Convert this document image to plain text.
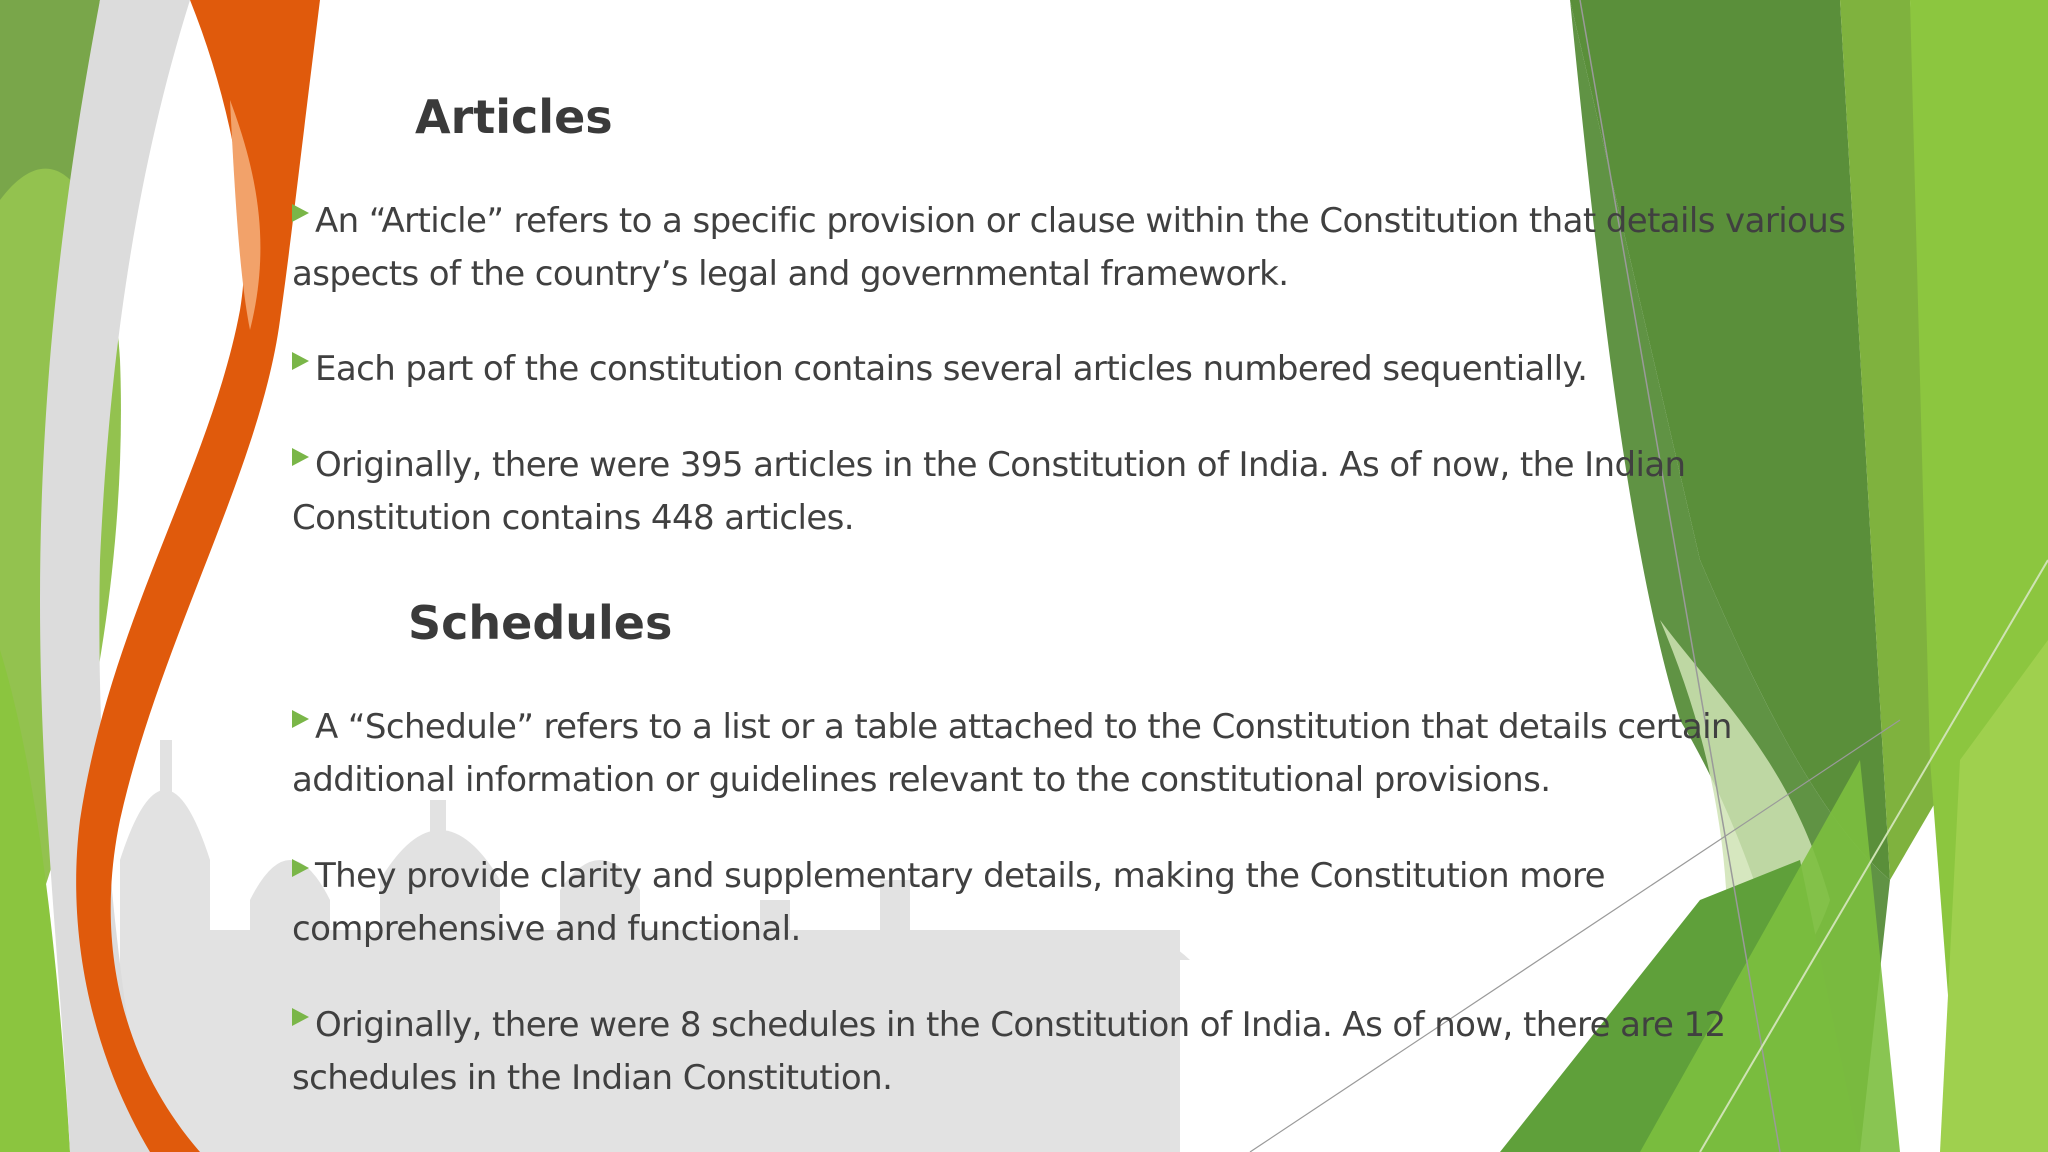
Articles

An “Article” refers to a specific provision or clause within the Constitution that details various aspects of the country’s legal and governmental framework.

Each part of the constitution contains several articles numbered sequentially.

Originally, there were 395 articles in the Constitution of India. As of now, the Indian Constitution contains 448 articles.

Schedules

A “Schedule” refers to a list or a table attached to the Constitution that details certain additional information or guidelines relevant to the constitutional provisions.

They provide clarity and supplementary details, making the Constitution more comprehensive and functional.

Originally, there were 8 schedules in the Constitution of India. As of now, there are 12 schedules in the Indian Constitution.
